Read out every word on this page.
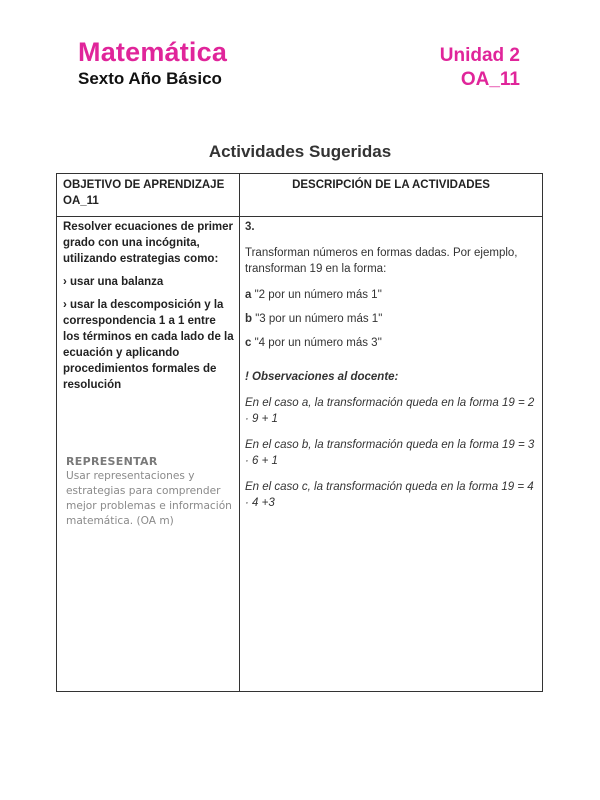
Matemática
Sexto Año Básico
Unidad 2
OA_11
Actividades Sugeridas
OBJETIVO DE APRENDIZAJE OA_11
DESCRIPCIÓN DE LA ACTIVIDADES

Resolver ecuaciones de primer grado con una incógnita, utilizando estrategias como:

› usar una balanza

› usar la descomposición y la correspondencia 1 a 1 entre los términos en cada lado de la ecuación y aplicando procedimientos formales de resolución

REPRESENTAR
Usar representaciones y estrategias para comprender mejor problemas e información matemática. (OA m)

3.

Transforman números en formas dadas. Por ejemplo, transforman 19 en la forma:

a "2 por un número más 1''

b "3 por un número más 1"

c "4 por un número más 3''

! Observaciones al docente:

En el caso a, la transformación queda en la forma 19 = 2 · 9 + 1

En el caso b, la transformación queda en la forma 19 = 3 · 6 + 1

En el caso c, la transformación queda en la forma 19 = 4 · 4 +3
